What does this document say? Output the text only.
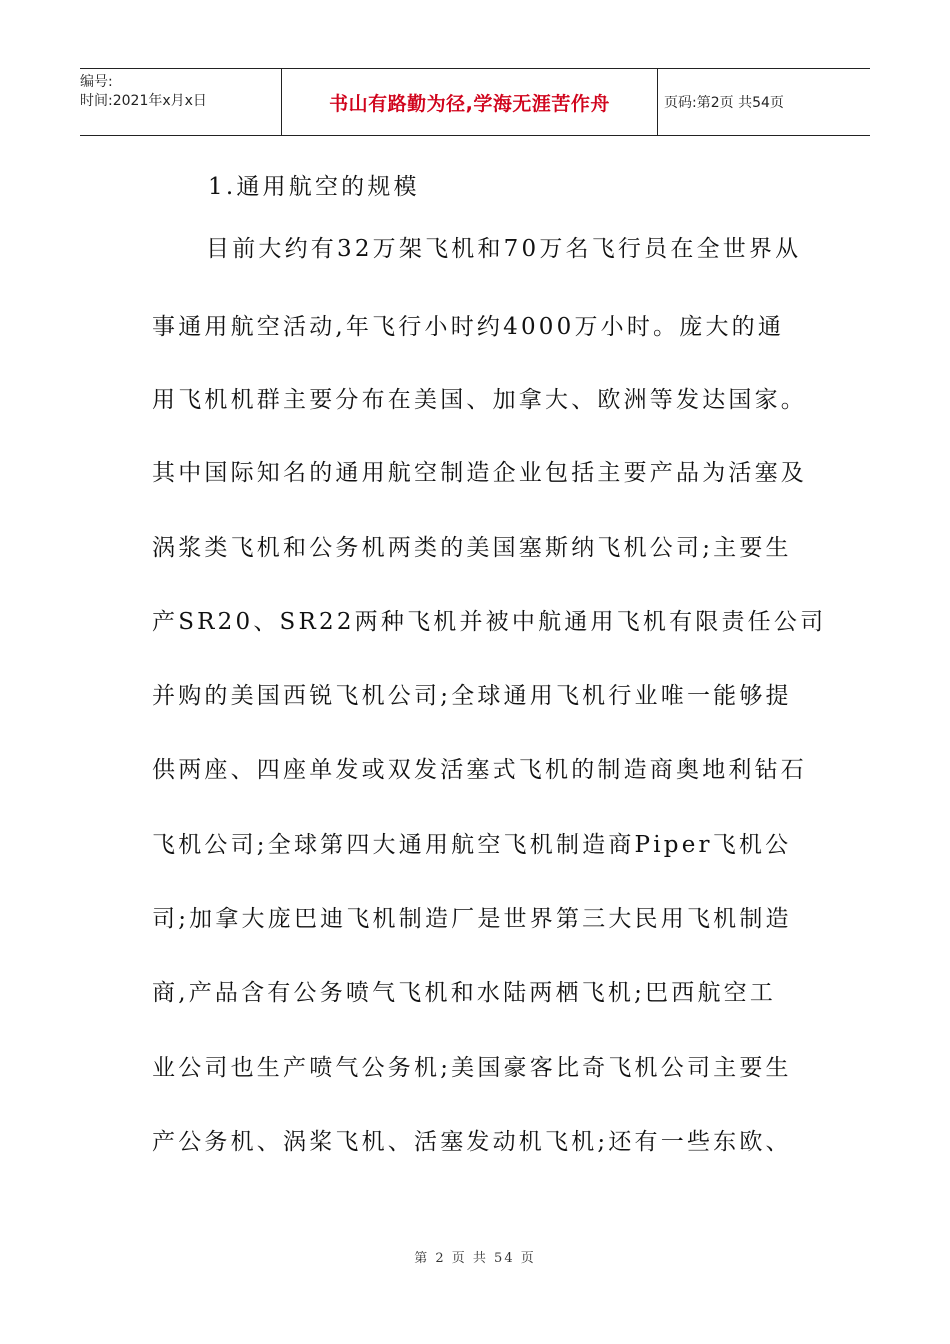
编号:
时间:2021年x月x日	书山有路勤为径,学海无涯苦作舟	页码:第2页 共54页
1.通用航空的规模
目前大约有32万架飞机和70万名飞行员在全世界从
事通用航空活动,年飞行小时约4000万小时。庞大的通
用飞机机群主要分布在美国、加拿大、欧洲等发达国家。
其中国际知名的通用航空制造企业包括主要产品为活塞及
涡浆类飞机和公务机两类的美国塞斯纳飞机公司;主要生
产SR20、SR22两种飞机并被中航通用飞机有限责任公司
并购的美国西锐飞机公司;全球通用飞机行业唯一能够提
供两座、四座单发或双发活塞式飞机的制造商奥地利钻石
飞机公司;全球第四大通用航空飞机制造商Piper飞机公
司;加拿大庞巴迪飞机制造厂是世界第三大民用飞机制造
商,产品含有公务喷气飞机和水陆两栖飞机;巴西航空工
业公司也生产喷气公务机;美国豪客比奇飞机公司主要生
产公务机、涡桨飞机、活塞发动机飞机;还有一些东欧、
第 2 页 共 54 页
